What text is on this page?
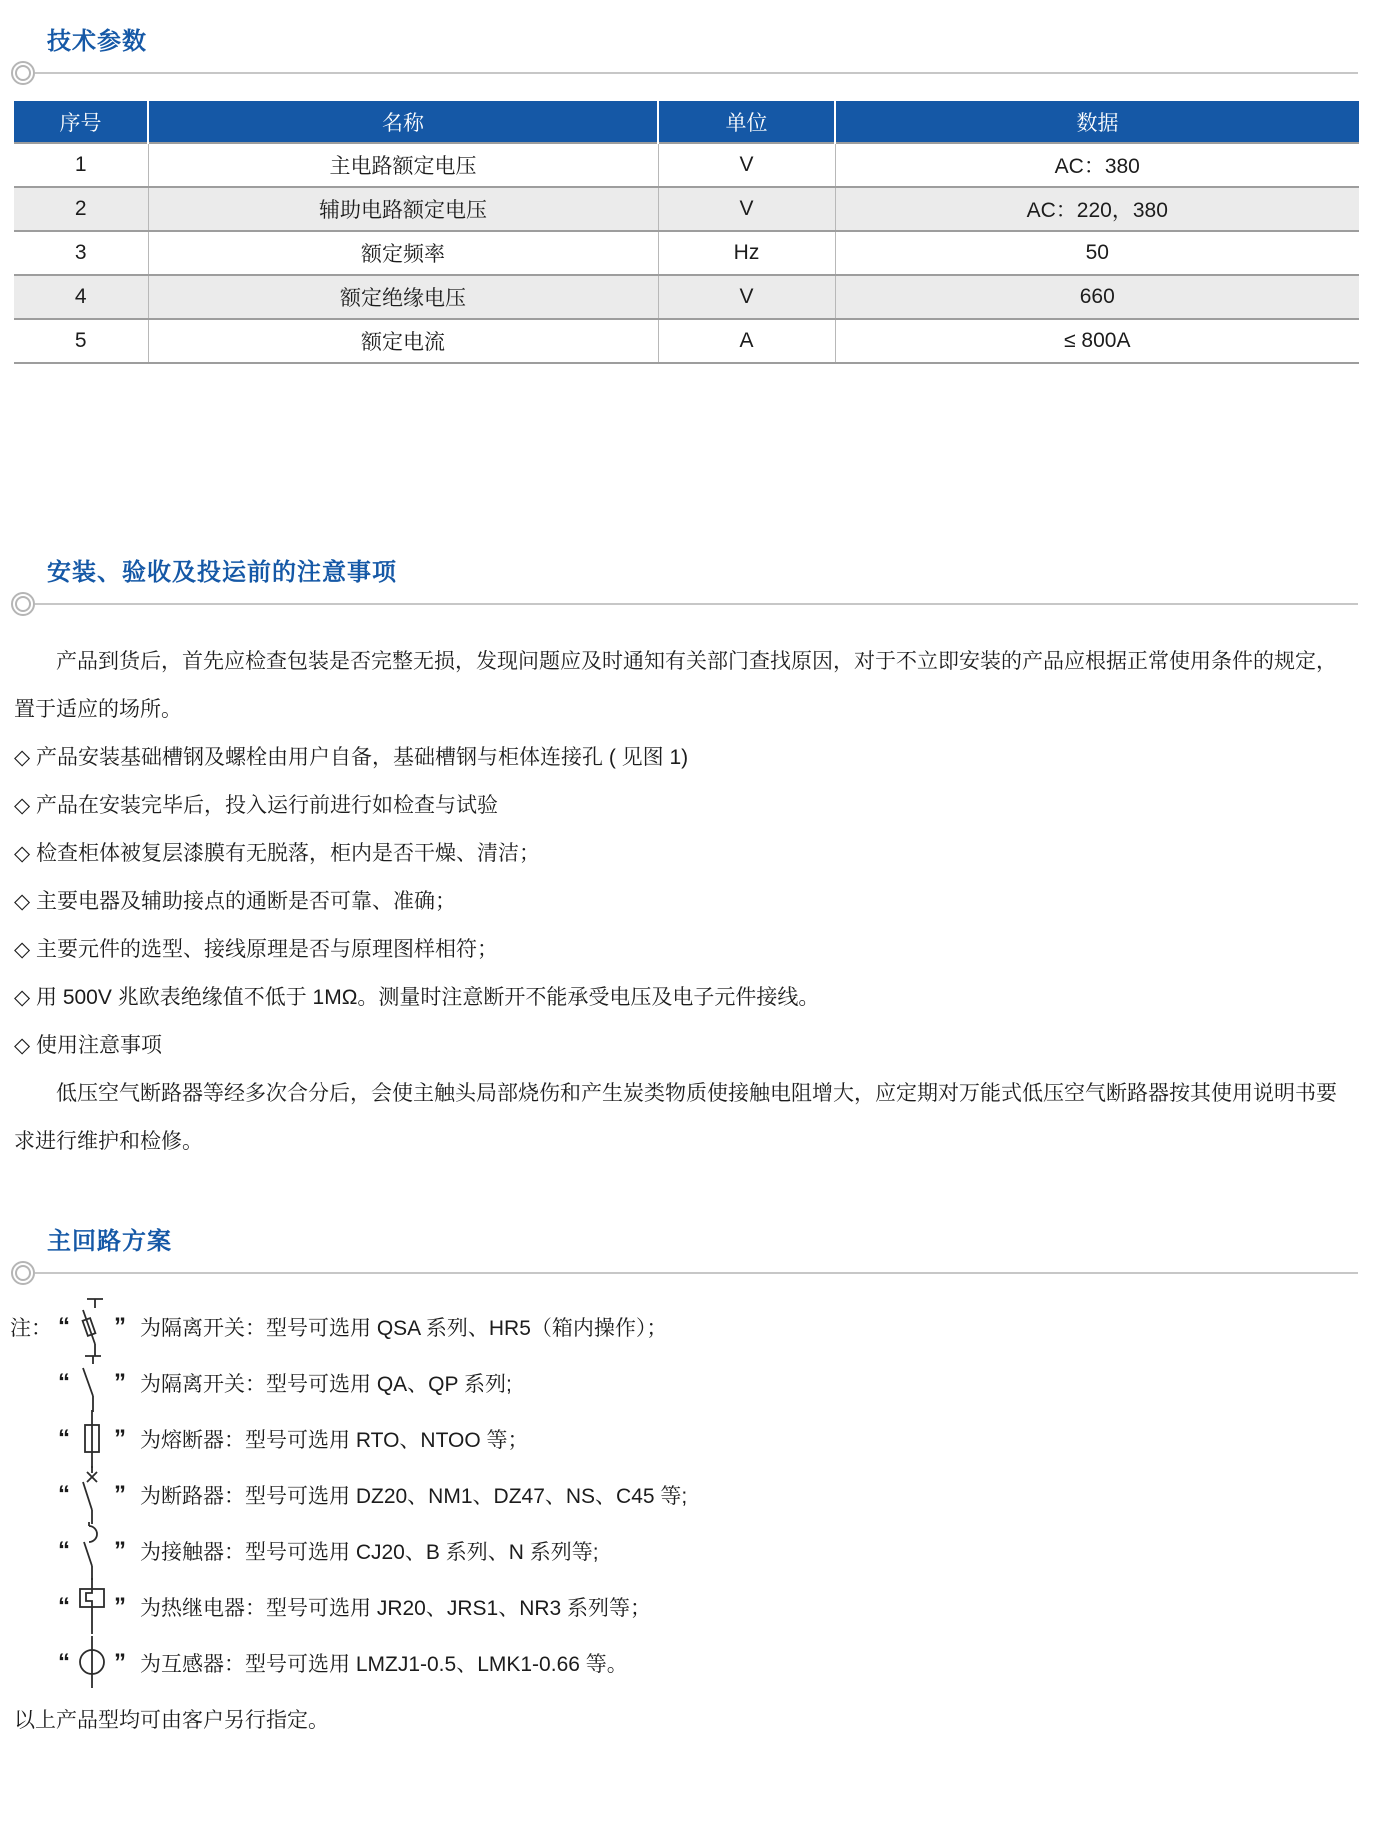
技术参数
序号	名称	单位	数据
1	主电路额定电压	V	AC：380
2	辅助电路额定电压	V	AC：220，380
3	额定频率	Hz	50
4	额定绝缘电压	V	660
5	额定电流	A	≤ 800A
安装、验收及投运前的注意事项

产品到货后，首先应检查包装是否完整无损，发现问题应及时通知有关部门查找原因，对于不立即安装的产品应根据正常使用条件的规定，置于适应的场所。

◇ 产品安装基础槽钢及螺栓由用户自备，基础槽钢与柜体连接孔 ( 见图 1)

◇ 产品在安装完毕后，投入运行前进行如检查与试验

◇ 检查柜体被复层漆膜有无脱落，柜内是否干燥、清洁；

◇ 主要电器及辅助接点的通断是否可靠、准确；

◇ 主要元件的选型、接线原理是否与原理图样相符；

◇ 用 500V 兆欧表绝缘值不低于 1MΩ。测量时注意断开不能承受电压及电子元件接线。

◇ 使用注意事项

低压空气断路器等经多次合分后，会使主触头局部烧伤和产生炭类物质使接触电阻增大，应定期对万能式低压空气断路器按其使用说明书要求进行维护和检修。

主回路方案
注： “ ” 为隔离开关：型号可选用 QSA 系列、HR5（箱内操作）；
“ ” 为隔离开关：型号可选用 QA、QP 系列;
“ ” 为熔断器：型号可选用 RTO、NTOO 等；
“ ” 为断路器：型号可选用 DZ20、NM1、DZ47、NS、C45 等;
“ ” 为接触器：型号可选用 CJ20、B 系列、N 系列等;
“ ” 为热继电器：型号可选用 JR20、JRS1、NR3 系列等；
“ ” 为互感器：型号可选用 LMZJ1-0.5、LMK1-0.66 等。

以上产品型均可由客户另行指定。
